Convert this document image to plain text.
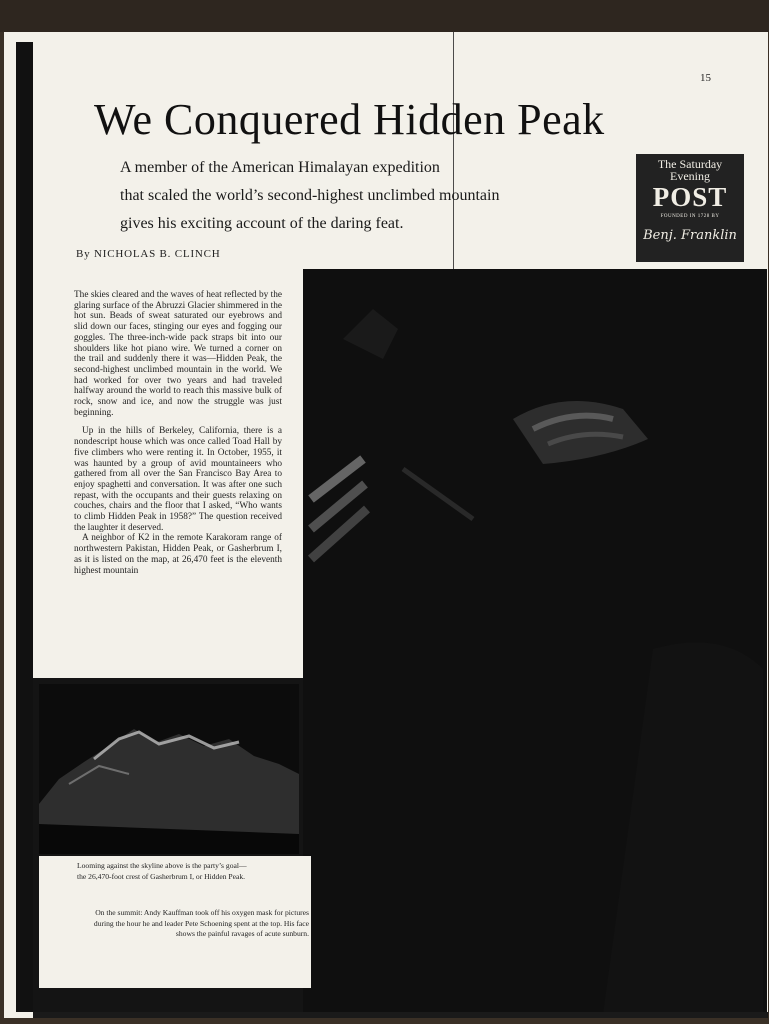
15
We Conquered Hidden Peak
A member of the American Himalayan expedition
that scaled the world’s second-highest unclimbed mountain
gives his exciting account of the daring feat.
The Saturday
Evening
POST
FOUNDED IN 1728 BY
Benj. Franklin
By NICHOLAS B. CLINCH

The skies cleared and the waves of heat reflected by the glaring surface of the Abruzzi Glacier shimmered in the hot sun. Beads of sweat saturated our eyebrows and slid down our faces, stinging our eyes and fogging our goggles. The three-inch-wide pack straps bit into our shoulders like hot piano wire. We turned a corner on the trail and suddenly there it was—Hidden Peak, the second-highest unclimbed mountain in the world. We had worked for over two years and had traveled halfway around the world to reach this massive bulk of rock, snow and ice, and now the struggle was just beginning.

Up in the hills of Berkeley, California, there is a nondescript house which was once called Toad Hall by five climbers who were renting it. In October, 1955, it was haunted by a group of avid mountaineers who gathered from all over the San Francisco Bay Area to enjoy spaghetti and conversation. It was after one such repast, with the occupants and their guests relaxing on couches, chairs and the floor that I asked, “Who wants to climb Hidden Peak in 1958?” The question received the laughter it deserved.

A neighbor of K2 in the remote Karakoram range of northwestern Pakistan, Hidden Peak, or Gasherbrum I, as it is listed on the map, at 26,470 feet is the eleventh highest mountain

Looming against the skyline above is the party’s goal—the 26,470-foot crest of Gasherbrum I, or Hidden Peak.

On the summit: Andy Kauffman took off his oxygen mask for pictures during the hour he and leader Pete Schoening spent at the top. His face shows the painful ravages of acute sunburn.
